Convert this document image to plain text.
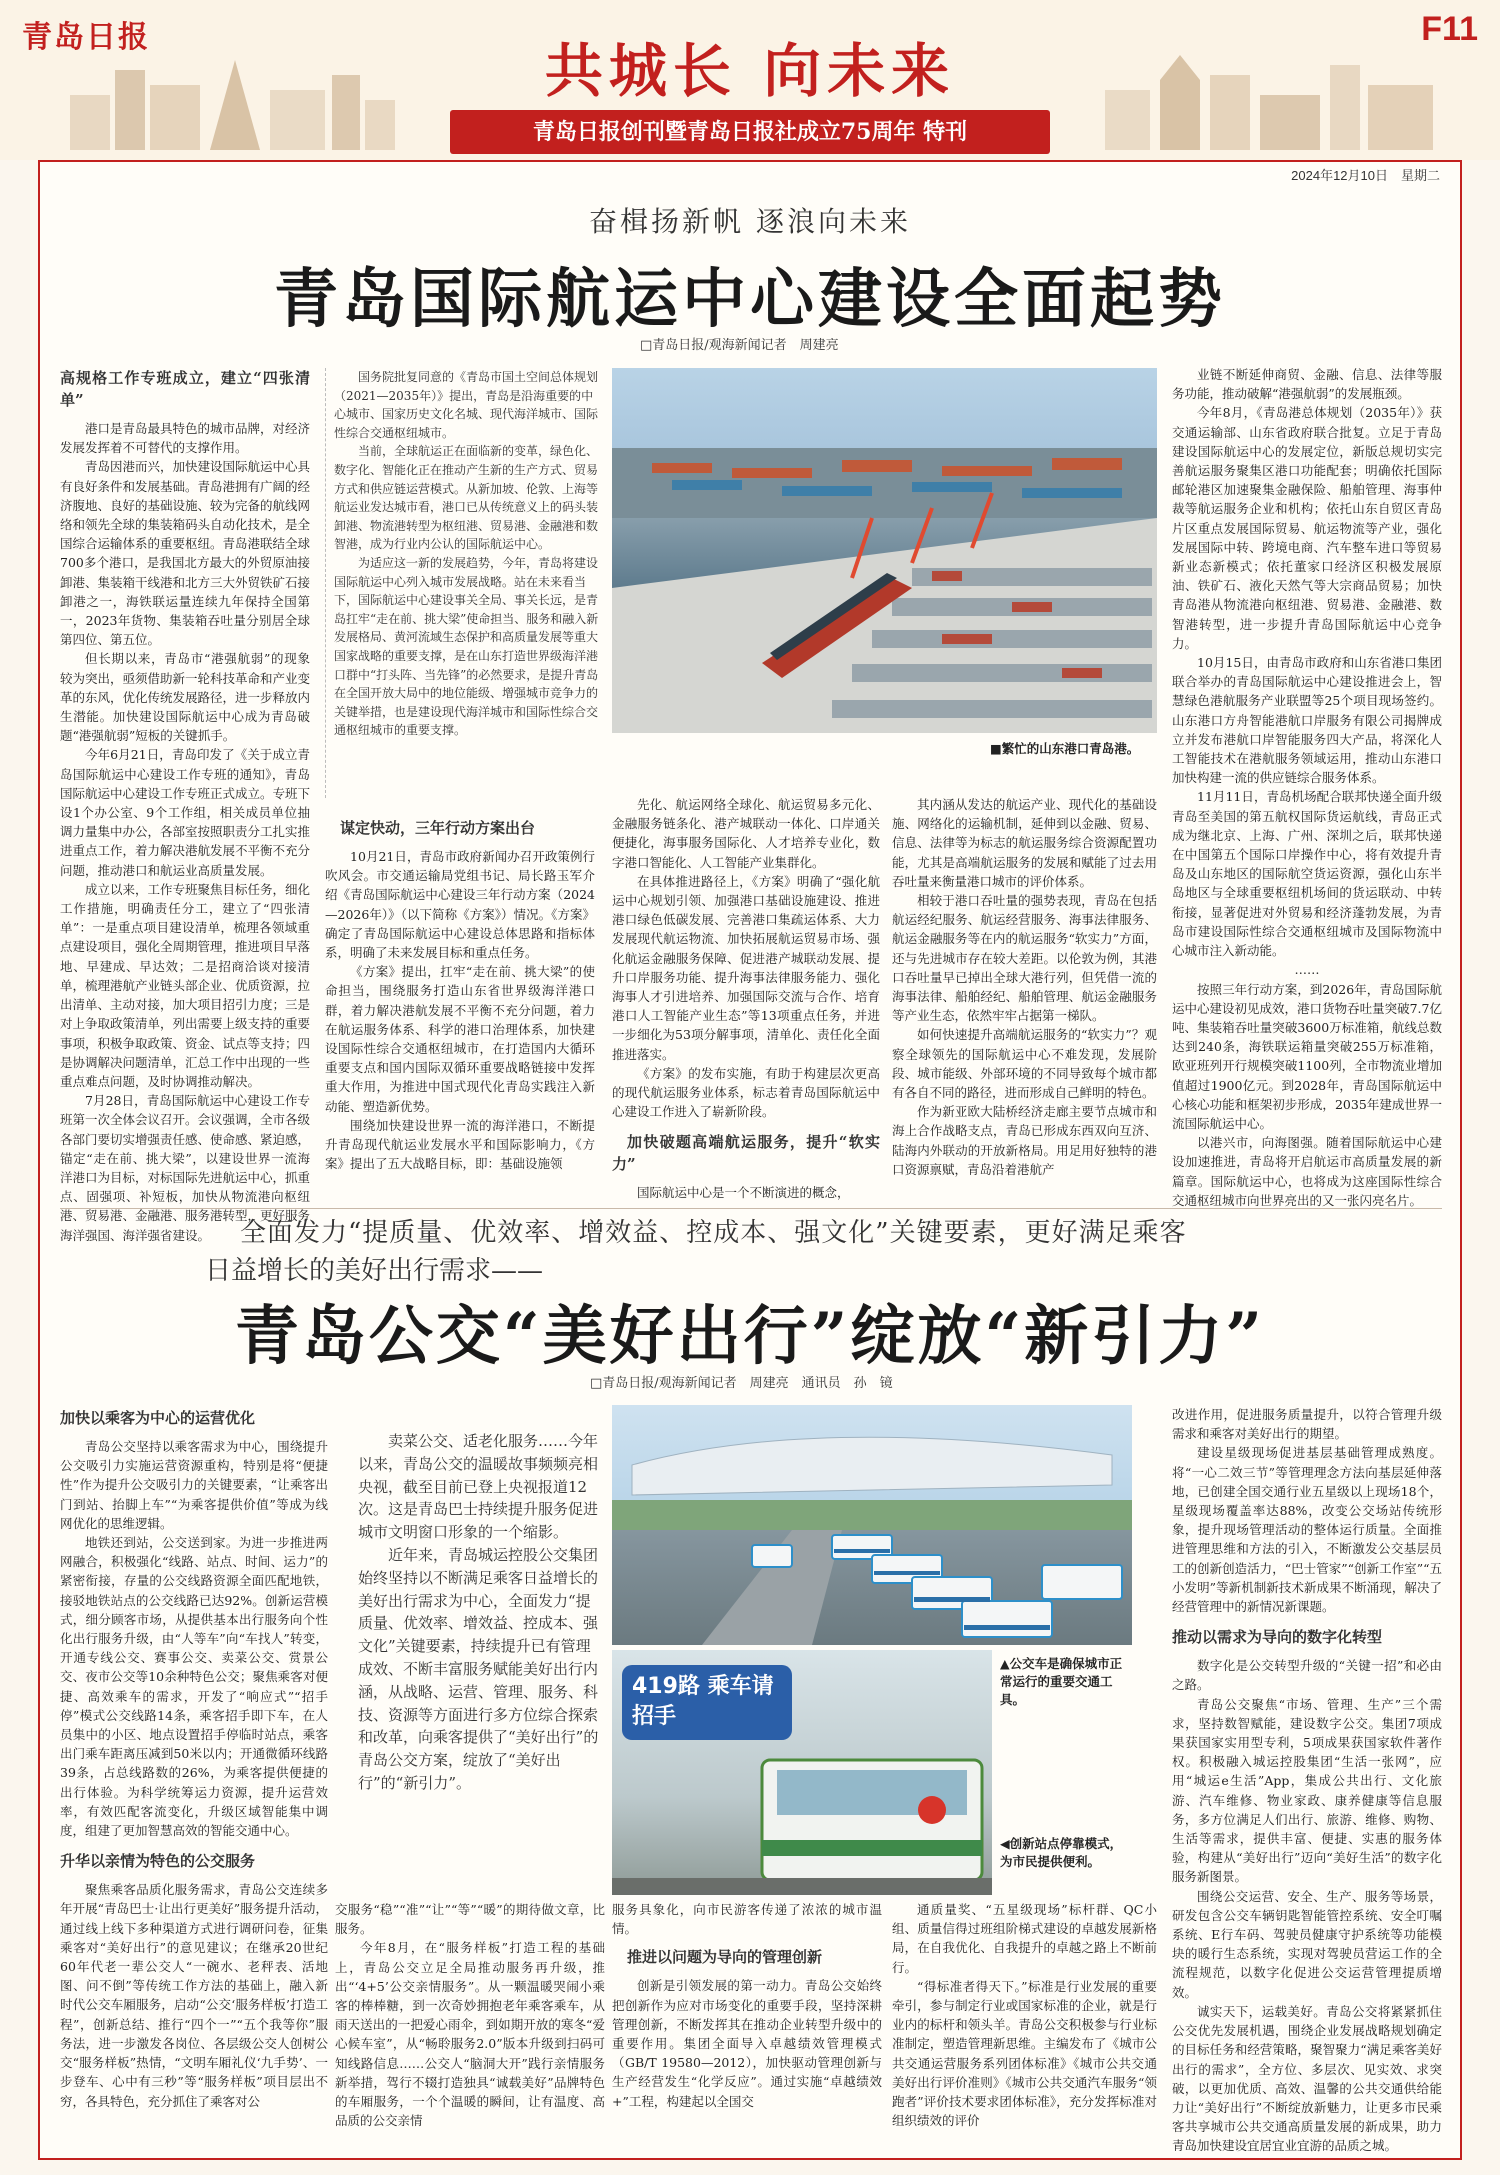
青岛日报	F11
共城长 向未来
青岛日报创刊暨青岛日报社成立75周年 特刊
2024年12月10日　星期二
奋楫扬新帆 逐浪向未来
青岛国际航运中心建设全面起势
□青岛日报/观海新闻记者　周建亮
高规格工作专班成立，建立“四张清单”

港口是青岛最具特色的城市品牌，对经济发展发挥着不可替代的支撑作用。

青岛因港而兴，加快建设国际航运中心具有良好条件和发展基础。青岛港拥有广阔的经济腹地、良好的基础设施、较为完备的航线网络和领先全球的集装箱码头自动化技术，是全国综合运输体系的重要枢纽。青岛港联结全球700多个港口，是我国北方最大的外贸原油接卸港、集装箱干线港和北方三大外贸铁矿石接卸港之一，海铁联运量连续九年保持全国第一，2023年货物、集装箱吞吐量分别居全球第四位、第五位。

但长期以来，青岛市“港强航弱”的现象较为突出，亟须借助新一轮科技革命和产业变革的东风，优化传统发展路径，进一步释放内生潜能。加快建设国际航运中心成为青岛破题“港强航弱”短板的关键抓手。

今年6月21日，青岛印发了《关于成立青岛国际航运中心建设工作专班的通知》，青岛国际航运中心建设工作专班正式成立。专班下设1个办公室、9个工作组，相关成员单位抽调力量集中办公，各部室按照职责分工扎实推进重点工作，着力解决港航发展不平衡不充分问题，推动港口和航运业高质量发展。

成立以来，工作专班聚焦目标任务，细化工作措施，明确责任分工，建立了“四张清单”：一是重点项目建设清单，梳理各领域重点建设项目，强化全周期管理，推进项目早落地、早建成、早达效；二是招商洽谈对接清单，梳理港航产业链头部企业、优质资源，拉出清单、主动对接，加大项目招引力度；三是对上争取政策清单，列出需要上级支持的重要事项，积极争取政策、资金、试点等支持；四是协调解决问题清单，汇总工作中出现的一些重点难点问题，及时协调推动解决。

7月28日，青岛国际航运中心建设工作专班第一次全体会议召开。会议强调，全市各级各部门要切实增强责任感、使命感、紧迫感，锚定“走在前、挑大梁”，以建设世界一流海洋港口为目标，对标国际先进航运中心，抓重点、固强项、补短板，加快从物流港向枢纽港、贸易港、金融港、服务港转型，更好服务海洋强国、海洋强省建设。

国务院批复同意的《青岛市国土空间总体规划（2021—2035年）》提出，青岛是沿海重要的中心城市、国家历史文化名城、现代海洋城市、国际性综合交通枢纽城市。

当前，全球航运正在面临新的变革，绿色化、数字化、智能化正在推动产生新的生产方式、贸易方式和供应链运营模式。从新加坡、伦敦、上海等航运业发达城市看，港口已从传统意义上的码头装卸港、物流港转型为枢纽港、贸易港、金融港和数智港，成为行业内公认的国际航运中心。

为适应这一新的发展趋势，今年，青岛将建设国际航运中心列入城市发展战略。站在未来看当下，国际航运中心建设事关全局、事关长远，是青岛扛牢“走在前、挑大梁”使命担当、服务和融入新发展格局、黄河流域生态保护和高质量发展等重大国家战略的重要支撑，是在山东打造世界级海洋港口群中“打头阵、当先锋”的必然要求，是提升青岛在全国开放大局中的地位能级、增强城市竞争力的关键举措，也是建设现代海洋城市和国际性综合交通枢纽城市的重要支撑。

■繁忙的山东港口青岛港。
谋定快动，三年行动方案出台

10月21日，青岛市政府新闻办召开政策例行吹风会。市交通运输局党组书记、局长路玉军介绍《青岛国际航运中心建设三年行动方案（2024—2026年）》（以下简称《方案》）情况。《方案》确定了青岛国际航运中心建设总体思路和指标体系，明确了未来发展目标和重点任务。

《方案》提出，扛牢“走在前、挑大梁”的使命担当，围绕服务打造山东省世界级海洋港口群，着力解决港航发展不平衡不充分问题，着力在航运服务体系、科学的港口治理体系，加快建设国际性综合交通枢纽城市，在打造国内大循环重要支点和国内国际双循环重要战略链接中发挥重大作用，为推进中国式现代化青岛实践注入新动能、塑造新优势。

围绕加快建设世界一流的海洋港口，不断提升青岛现代航运业发展水平和国际影响力，《方案》提出了五大战略目标，即：基础设施领

先化、航运网络全球化、航运贸易多元化、金融服务链条化、港产城联动一体化、口岸通关便捷化，海事服务国际化、人才培养专业化，数字港口智能化、人工智能产业集群化。

在具体推进路径上，《方案》明确了“强化航运中心规划引领、加强港口基础设施建设、推进港口绿色低碳发展、完善港口集疏运体系、大力发展现代航运物流、加快拓展航运贸易市场、强化航运金融服务保障、促进港产城联动发展、提升口岸服务功能、提升海事法律服务能力、强化海事人才引进培养、加强国际交流与合作、培育港口人工智能产业生态”等13项重点任务，并进一步细化为53项分解事项，清单化、责任化全面推进落实。

《方案》的发布实施，有助于构建层次更高的现代航运服务业体系，标志着青岛国际航运中心建设工作进入了崭新阶段。

加快破题高端航运服务，提升“软实力”

国际航运中心是一个不断演进的概念，

其内涵从发达的航运产业、现代化的基础设施、网络化的运输机制，延伸到以金融、贸易、信息、法律等为标志的航运服务综合资源配置功能，尤其是高端航运服务的发展和赋能了过去用吞吐量来衡量港口城市的评价体系。

相较于港口吞吐量的强势表现，青岛在包括航运经纪服务、航运经营服务、海事法律服务、航运金融服务等在内的航运服务“软实力”方面，还与先进城市存在较大差距。以伦敦为例，其港口吞吐量早已掉出全球大港行列，但凭借一流的海事法律、船舶经纪、船舶管理、航运金融服务等产业生态，依然牢牢占据第一梯队。

如何快速提升高端航运服务的“软实力”？观察全球领先的国际航运中心不难发现，发展阶段、城市能级、外部环境的不同导致每个城市都有各自不同的路径，进而形成自己鲜明的特色。

作为新亚欧大陆桥经济走廊主要节点城市和海上合作战略支点，青岛已形成东西双向互济、陆海内外联动的开放新格局。用足用好独特的港口资源禀赋，青岛沿着港航产

业链不断延伸商贸、金融、信息、法律等服务功能，推动破解“港强航弱”的发展瓶颈。

今年8月，《青岛港总体规划（2035年）》获交通运输部、山东省政府联合批复。立足于青岛建设国际航运中心的发展定位，新版总规切实完善航运服务聚集区港口功能配套；明确依托国际邮轮港区加速聚集金融保险、船舶管理、海事仲裁等航运服务企业和机构；依托山东自贸区青岛片区重点发展国际贸易、航运物流等产业，强化发展国际中转、跨境电商、汽车整车进口等贸易新业态新模式；依托董家口经济区积极发展原油、铁矿石、液化天然气等大宗商品贸易；加快青岛港从物流港向枢纽港、贸易港、金融港、数智港转型，进一步提升青岛国际航运中心竞争力。

10月15日，由青岛市政府和山东省港口集团联合举办的青岛国际航运中心建设推进会上，智慧绿色港航服务产业联盟等25个项目现场签约。山东港口方舟智能港航口岸服务有限公司揭牌成立并发布港航口岸智能服务四大产品，将深化人工智能技术在港航服务领域运用，推动山东港口加快构建一流的供应链综合服务体系。

11月11日，青岛机场配合联邦快递全面升级青岛至美国的第五航权国际货运航线，青岛正式成为继北京、上海、广州、深圳之后，联邦快递在中国第五个国际口岸操作中心，将有效提升青岛及山东地区的国际航空货运资源，强化山东半岛地区与全球重要枢纽机场间的货运联动、中转衔接，显著促进对外贸易和经济蓬勃发展，为青岛市建设国际性综合交通枢纽城市及国际物流中心城市注入新动能。

……

按照三年行动方案，到2026年，青岛国际航运中心建设初见成效，港口货物吞吐量突破7.7亿吨、集装箱吞吐量突破3600万标准箱，航线总数达到240条，海铁联运箱量突破255万标准箱，欧亚班列开行规模突破1100列，全市物流业增加值超过1900亿元。到2028年，青岛国际航运中心核心功能和框架初步形成，2035年建成世界一流国际航运中心。

以港兴市，向海图强。随着国际航运中心建设加速推进，青岛将开启航运市高质量发展的新篇章。国际航运中心，也将成为这座国际性综合交通枢纽城市向世界亮出的又一张闪亮名片。

全面发力“提质量、优效率、增效益、控成本、强文化”关键要素，更好满足乘客
日益增长的美好出行需求——
青岛公交“美好出行”绽放“新引力”
□青岛日报/观海新闻记者　周建亮　通讯员　孙　镜
加快以乘客为中心的运营优化

青岛公交坚持以乘客需求为中心，围绕提升公交吸引力实施运营资源重构，特别是将“便捷性”作为提升公交吸引力的关键要素，“让乘客出门到站、抬脚上车”“为乘客提供价值”等成为线网优化的思维逻辑。

地铁还到站，公交送到家。为进一步推进两网融合，积极强化“线路、站点、时间、运力”的紧密衔接，存量的公交线路资源全面匹配地铁，接驳地铁站点的公交线路已达92%。创新运营模式，细分顾客市场，从提供基本出行服务向个性化出行服务升级，由“人等车”向“车找人”转变，开通专线公交、赛事公交、卖菜公交、赏景公交、夜市公交等10余种特色公交；聚焦乘客对便捷、高效乘车的需求，开发了“响应式”“招手停”模式公交线路14条，乘客招手即下车，在人员集中的小区、地点设置招手停临时站点，乘客出门乘车距离压减到50米以内；开通微循环线路39条，占总线路数的26%，为乘客提供便捷的出行体验。为科学统筹运力资源，提升运营效率，有效匹配客流变化，升级区域智能集中调度，组建了更加智慧高效的智能交通中心。

升华以亲情为特色的公交服务

聚焦乘客品质化服务需求，青岛公交连续多年开展“青岛巴士·让出行更美好”服务提升活动，通过线上线下多种渠道方式进行调研问卷，征集乘客对“美好出行”的意见建议；在继承20世纪60年代老一辈公交人“一碗水、老秤表、活地图、问不倒”等传统工作方法的基础上，融入新时代公交车厢服务，启动“公交‘服务样板’打造工程”，创新总结、推行“四个一”“五个我等你”服务法，进一步激发各岗位、各层级公交人创树公交“服务样板”热情，“文明车厢礼仪‘九手势’、一步登车、心中有三秒”等“服务样板”项目层出不穷，各具特色，充分抓住了乘客对公

卖菜公交、适老化服务……今年以来，青岛公交的温暖故事频频亮相央视，截至目前已登上央视报道12次。这是青岛巴士持续提升服务促进城市文明窗口形象的一个缩影。

近年来，青岛城运控股公交集团始终坚持以不断满足乘客日益增长的美好出行需求为中心，全面发力“提质量、优效率、增效益、控成本、强文化”关键要素，持续提升已有管理成效、不断丰富服务赋能美好出行内涵，从战略、运营、管理、服务、科技、资源等方面进行多方位综合探索和改革，向乘客提供了“美好出行”的青岛公交方案，绽放了“美好出行”的“新引力”。

419路 乘车请招手
▲公交车是确保城市正常运行的重要交通工具。
◀创新站点停靠模式，为市民提供便利。

交服务“稳”“准”“让”“等”“暖”的期待做文章，比服务。

今年8月，在“服务样板”打造工程的基础上，青岛公交立足全局推动服务再升级，推出“‘4+5’公交亲情服务”。从一颗温暖哭闹小乘客的棒棒糖，到一次奇妙拥抱老年乘客乘车，从雨天送出的一把爱心雨伞，到如期开放的寒冬“爱心候车室”，从“畅聆服务2.0”版本升级到扫码可知线路信息……公交人“脑洞大开”践行亲情服务新举措，驾行不辍打造独具“诚载美好”品牌特色的车厢服务，一个个温暖的瞬间，让有温度、高品质的公交亲情

服务具象化，向市民游客传递了浓浓的城市温情。

推进以问题为导向的管理创新

创新是引领发展的第一动力。青岛公交始终把创新作为应对市场变化的重要手段，坚持深耕管理创新，不断发挥其在推动企业转型升级中的重要作用。集团全面导入卓越绩效管理模式（GB/T 19580—2012），加快驱动管理创新与生产经营发生“化学反应”。通过实施“卓越绩效+”工程，构建起以全国交

通质量奖、“五星级现场”标杆群、QC小组、质量信得过班组阶梯式建设的卓越发展新格局，在自我优化、自我提升的卓越之路上不断前行。

“得标准者得天下。”标准是行业发展的重要牵引，参与制定行业或国家标准的企业，就是行业内的标杆和领头羊。青岛公交积极参与行业标准制定，塑造管理新思维。主编发布了《城市公共交通运营服务系列团体标准》《城市公共交通美好出行评价准则》《城市公共交通汽车服务“领跑者”评价技术要求团体标准》，充分发挥标准对组织绩效的评价

改进作用，促进服务质量提升，以符合管理升级需求和乘客对美好出行的期望。

建设星级现场促进基层基础管理成熟度。将“一心二效三节”等管理理念方法向基层延伸落地，已创建全国交通行业五星级以上现场18个，星级现场覆盖率达88%，改变公交场站传统形象，提升现场管理活动的整体运行质量。全面推进管理思维和方法的引入，不断激发公交基层员工的创新创造活力，“巴士管家”“创新工作室”“五小发明”等新机制新技术新成果不断涌现，解决了经营管理中的新情况新课题。

推动以需求为导向的数字化转型

数字化是公交转型升级的“关键一招”和必由之路。

青岛公交聚焦“市场、管理、生产”三个需求，坚持数智赋能，建设数字公交。集团7项成果获国家实用型专利，5项成果获国家软件著作权。积极融入城运控股集团“生活一张网”，应用“城运e生活”App，集成公共出行、文化旅游、汽车维修、物业家政、康养健康等信息服务，多方位满足人们出行、旅游、维修、购物、生活等需求，提供丰富、便捷、实惠的服务体验，构建从“美好出行”迈向“美好生活”的数字化服务新图景。

围绕公交运营、安全、生产、服务等场景，研发包含公交车辆钥匙智能管控系统、安全叮嘱系统、E行车码、驾驶员健康守护系统等功能模块的暖行生态系统，实现对驾驶员营运工作的全流程规范，以数字化促进公交运营管理提质增效。

诚实天下，运载美好。青岛公交将紧紧抓住公交优先发展机遇，围绕企业发展战略规划确定的目标任务和经营策略，聚智聚力“满足乘客美好出行的需求”，全方位、多层次、见实效、求突破，以更加优质、高效、温馨的公共交通供给能力让“美好出行”不断绽放新魅力，让更多市民乘客共享城市公共交通高质量发展的新成果，助力青岛加快建设宜居宜业宜游的品质之城。
